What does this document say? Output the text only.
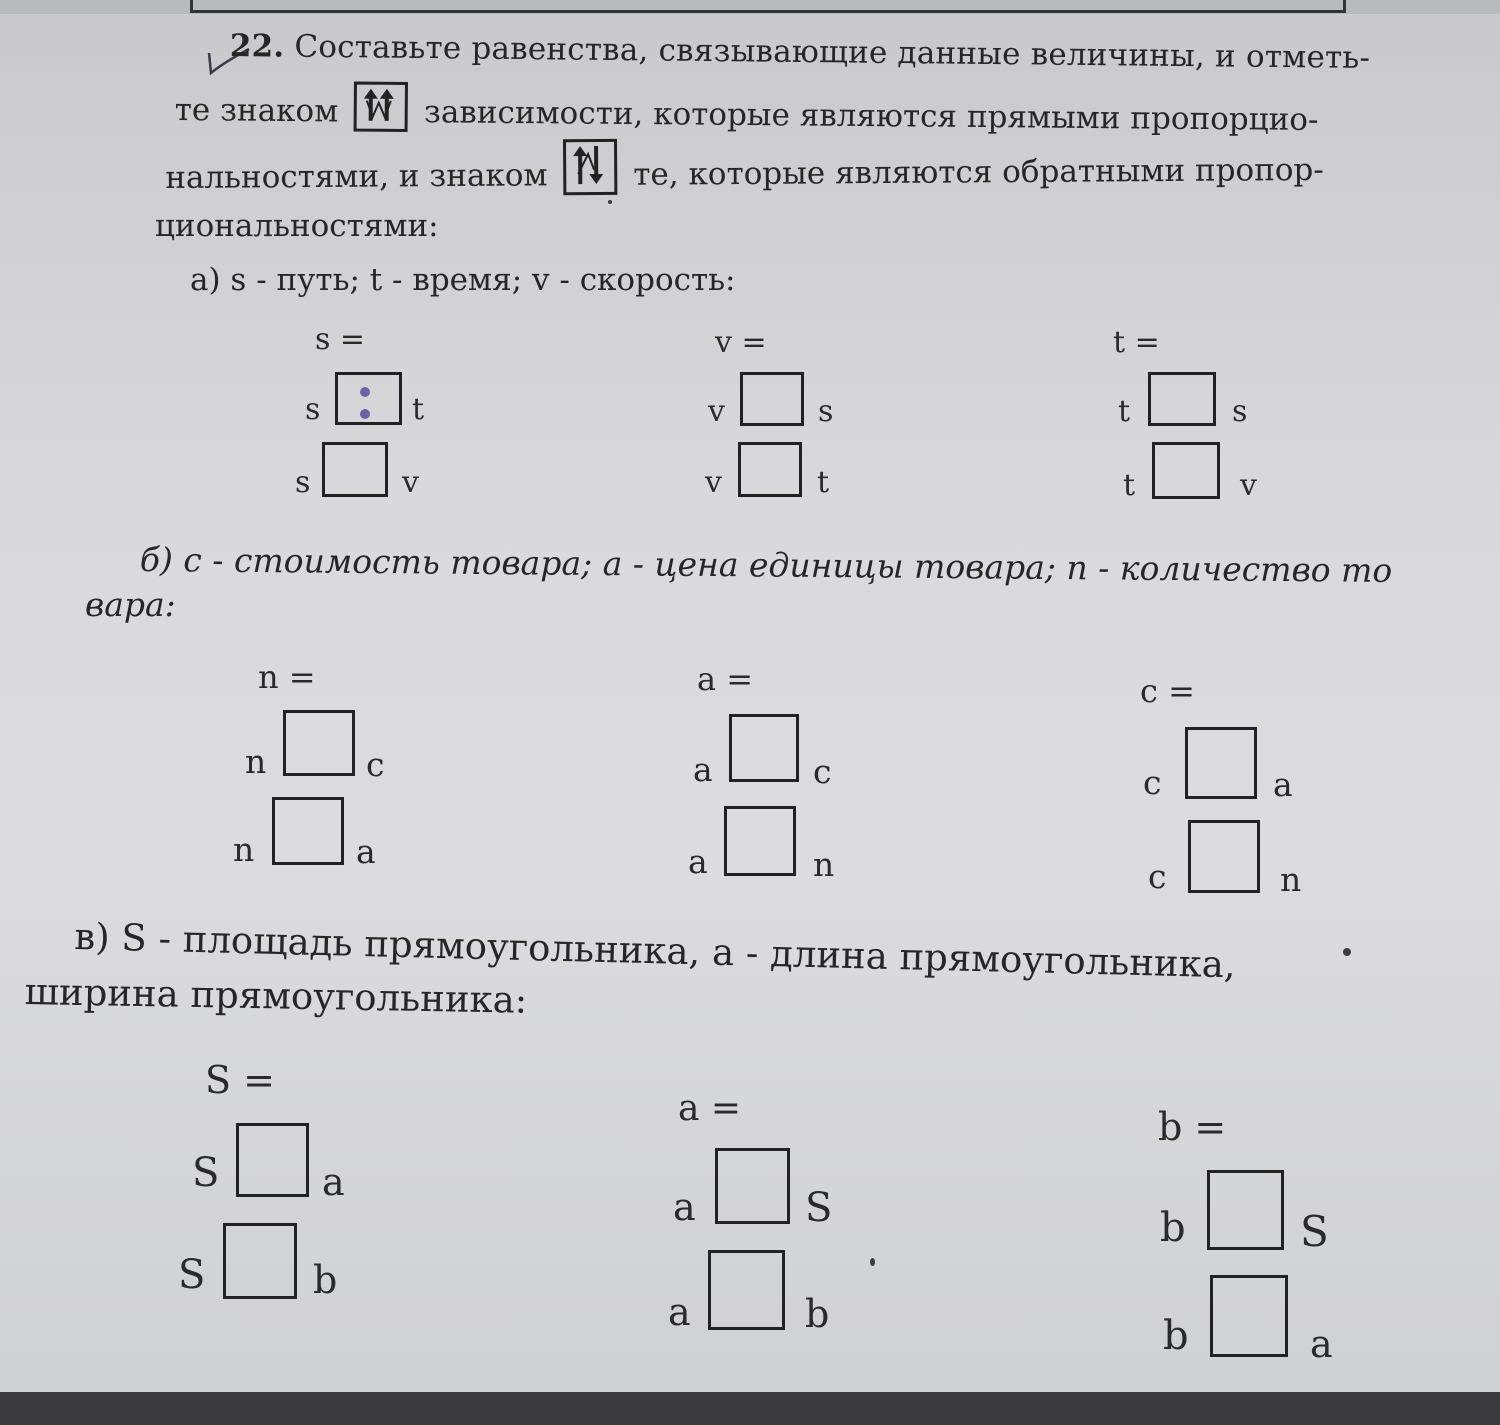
22. Составьте равенства, связывающие данные величины, и отметь-
те знаком	зависимости, которые являются прямыми пропорцио-
нальностями, и знаком	те, которые являются обратными пропор-
циональностями:
а) s - путь; t - время; v - скорость:
s =
s	t
s	v
v =
v	s
v	t
t =
t	s
t	v
б) c - стоимость товара; a - цена единицы товара; n - количество то
вара:
n =
n	c
n	a
a =
a	c
a	n
c =
c	a
c	n
в) S - площадь прямоугольника, a - длина прямоугольника,
ширина прямоугольника:
S =
S	a
S	b
a =
a	S
a	b
b =
b	S
b	a
